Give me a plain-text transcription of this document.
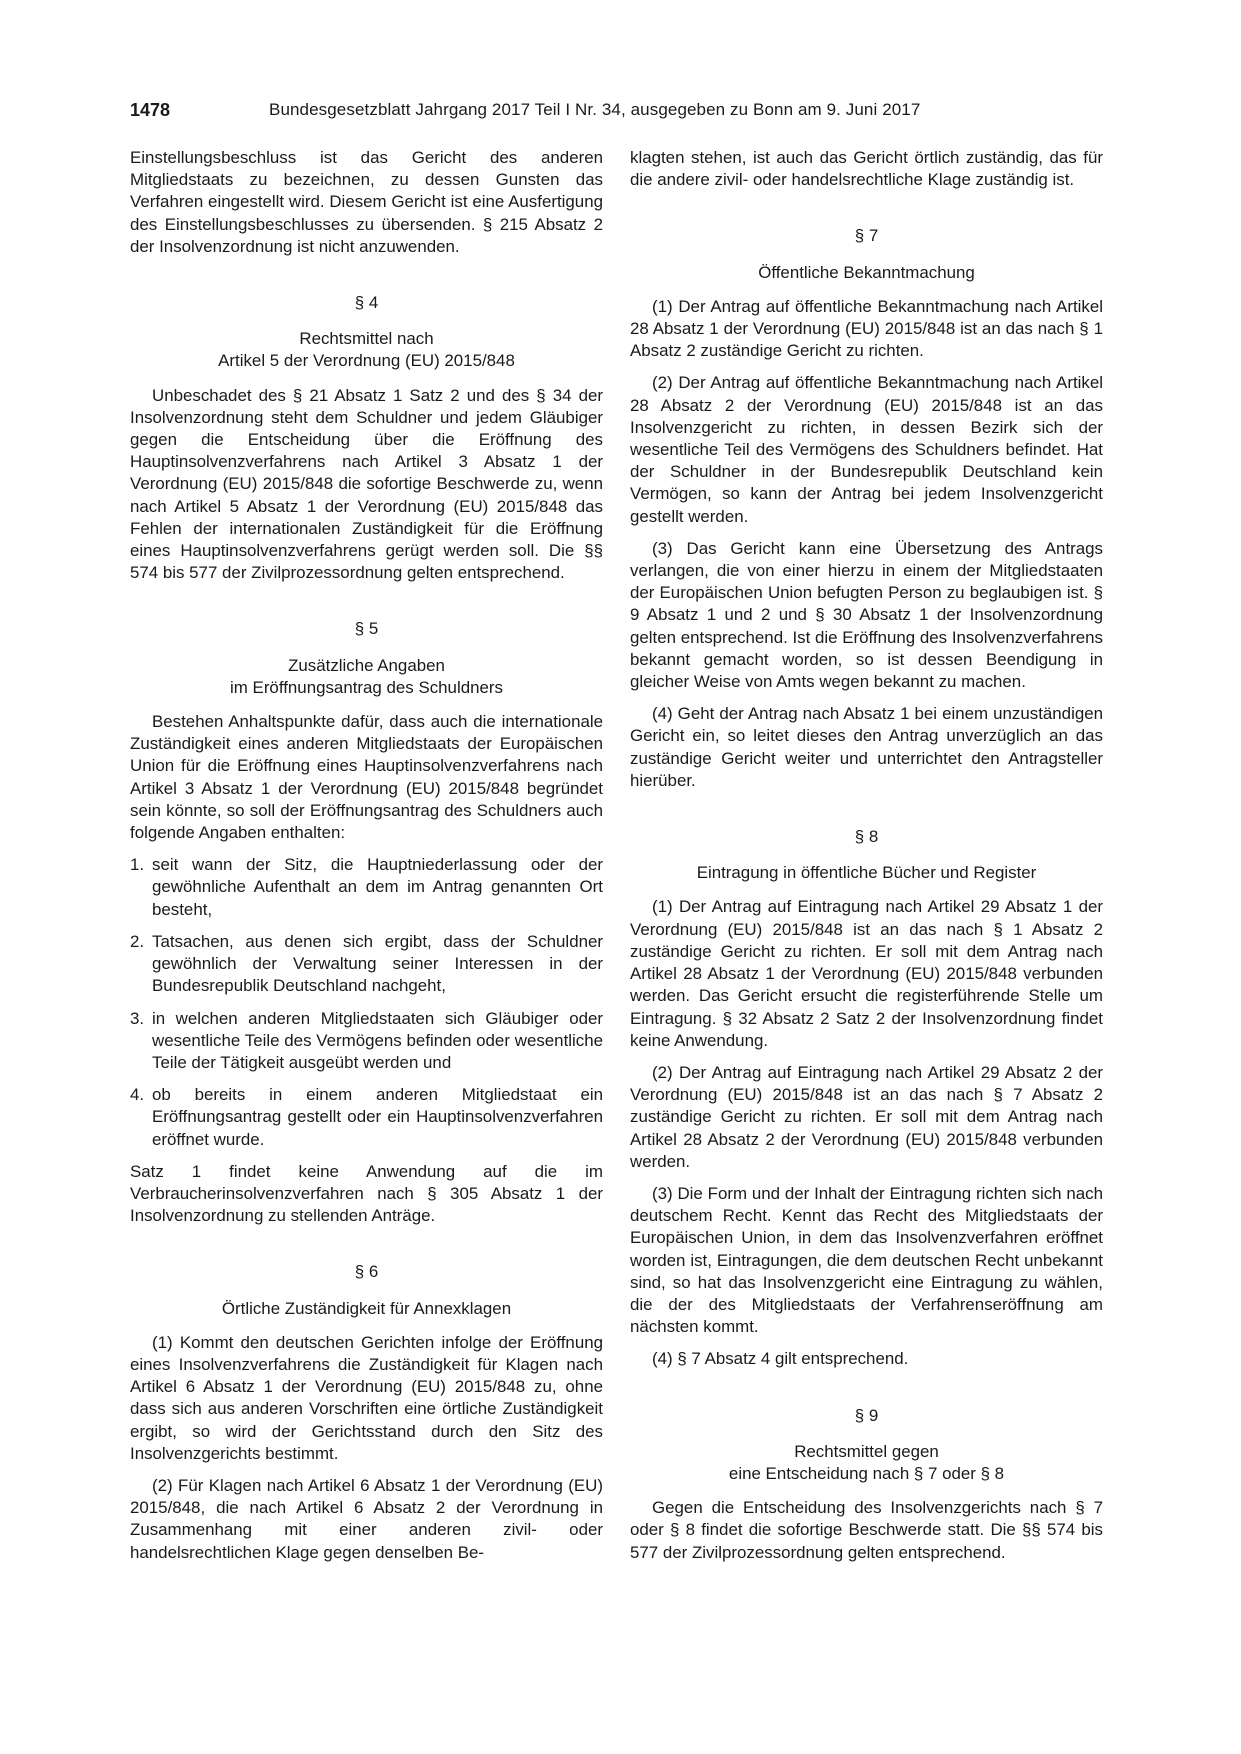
1478	Bundesgesetzblatt Jahrgang 2017 Teil I Nr. 34, ausgegeben zu Bonn am 9. Juni 2017

Einstellungsbeschluss ist das Gericht des anderen Mitgliedstaats zu bezeichnen, zu dessen Gunsten das Verfahren eingestellt wird. Diesem Gericht ist eine Ausfertigung des Einstellungsbeschlusses zu übersenden. § 215 Absatz 2 der Insolvenzordnung ist nicht anzuwenden.

§ 4
Rechtsmittel nach
Artikel 5 der Verordnung (EU) 2015/848

Unbeschadet des § 21 Absatz 1 Satz 2 und des § 34 der Insolvenzordnung steht dem Schuldner und jedem Gläubiger gegen die Entscheidung über die Eröffnung des Hauptinsolvenzverfahrens nach Artikel 3 Absatz 1 der Verordnung (EU) 2015/848 die sofortige Beschwerde zu, wenn nach Artikel 5 Absatz 1 der Verordnung (EU) 2015/848 das Fehlen der internationalen Zuständigkeit für die Eröffnung eines Hauptinsolvenzverfahrens gerügt werden soll. Die §§ 574 bis 577 der Zivilprozessordnung gelten entsprechend.

§ 5
Zusätzliche Angaben
im Eröffnungsantrag des Schuldners

Bestehen Anhaltspunkte dafür, dass auch die internationale Zuständigkeit eines anderen Mitgliedstaats der Europäischen Union für die Eröffnung eines Hauptinsolvenzverfahrens nach Artikel 3 Absatz 1 der Verordnung (EU) 2015/848 begründet sein könnte, so soll der Eröffnungsantrag des Schuldners auch folgende Angaben enthalten:

1. seit wann der Sitz, die Hauptniederlassung oder der gewöhnliche Aufenthalt an dem im Antrag genannten Ort besteht,
2. Tatsachen, aus denen sich ergibt, dass der Schuldner gewöhnlich der Verwaltung seiner Interessen in der Bundesrepublik Deutschland nachgeht,
3. in welchen anderen Mitgliedstaaten sich Gläubiger oder wesentliche Teile des Vermögens befinden oder wesentliche Teile der Tätigkeit ausgeübt werden und
4. ob bereits in einem anderen Mitgliedstaat ein Eröffnungsantrag gestellt oder ein Hauptinsolvenzverfahren eröffnet wurde.

Satz 1 findet keine Anwendung auf die im Verbraucherinsolvenzverfahren nach § 305 Absatz 1 der Insolvenzordnung zu stellenden Anträge.

§ 6
Örtliche Zuständigkeit für Annexklagen

(1) Kommt den deutschen Gerichten infolge der Eröffnung eines Insolvenzverfahrens die Zuständigkeit für Klagen nach Artikel 6 Absatz 1 der Verordnung (EU) 2015/848 zu, ohne dass sich aus anderen Vorschriften eine örtliche Zuständigkeit ergibt, so wird der Gerichtsstand durch den Sitz des Insolvenzgerichts bestimmt.

(2) Für Klagen nach Artikel 6 Absatz 1 der Verordnung (EU) 2015/848, die nach Artikel 6 Absatz 2 der Verordnung in Zusammenhang mit einer anderen zivil- oder handelsrechtlichen Klage gegen denselben Be-

klagten stehen, ist auch das Gericht örtlich zuständig, das für die andere zivil- oder handelsrechtliche Klage zuständig ist.

§ 7
Öffentliche Bekanntmachung

(1) Der Antrag auf öffentliche Bekanntmachung nach Artikel 28 Absatz 1 der Verordnung (EU) 2015/848 ist an das nach § 1 Absatz 2 zuständige Gericht zu richten.

(2) Der Antrag auf öffentliche Bekanntmachung nach Artikel 28 Absatz 2 der Verordnung (EU) 2015/848 ist an das Insolvenzgericht zu richten, in dessen Bezirk sich der wesentliche Teil des Vermögens des Schuldners befindet. Hat der Schuldner in der Bundesrepublik Deutschland kein Vermögen, so kann der Antrag bei jedem Insolvenzgericht gestellt werden.

(3) Das Gericht kann eine Übersetzung des Antrags verlangen, die von einer hierzu in einem der Mitgliedstaaten der Europäischen Union befugten Person zu beglaubigen ist. § 9 Absatz 1 und 2 und § 30 Absatz 1 der Insolvenzordnung gelten entsprechend. Ist die Eröffnung des Insolvenzverfahrens bekannt gemacht worden, so ist dessen Beendigung in gleicher Weise von Amts wegen bekannt zu machen.

(4) Geht der Antrag nach Absatz 1 bei einem unzuständigen Gericht ein, so leitet dieses den Antrag unverzüglich an das zuständige Gericht weiter und unterrichtet den Antragsteller hierüber.

§ 8
Eintragung in öffentliche Bücher und Register

(1) Der Antrag auf Eintragung nach Artikel 29 Absatz 1 der Verordnung (EU) 2015/848 ist an das nach § 1 Absatz 2 zuständige Gericht zu richten. Er soll mit dem Antrag nach Artikel 28 Absatz 1 der Verordnung (EU) 2015/848 verbunden werden. Das Gericht ersucht die registerführende Stelle um Eintragung. § 32 Absatz 2 Satz 2 der Insolvenzordnung findet keine Anwendung.

(2) Der Antrag auf Eintragung nach Artikel 29 Absatz 2 der Verordnung (EU) 2015/848 ist an das nach § 7 Absatz 2 zuständige Gericht zu richten. Er soll mit dem Antrag nach Artikel 28 Absatz 2 der Verordnung (EU) 2015/848 verbunden werden.

(3) Die Form und der Inhalt der Eintragung richten sich nach deutschem Recht. Kennt das Recht des Mitgliedstaats der Europäischen Union, in dem das Insolvenzverfahren eröffnet worden ist, Eintragungen, die dem deutschen Recht unbekannt sind, so hat das Insolvenzgericht eine Eintragung zu wählen, die der des Mitgliedstaats der Verfahrenseröffnung am nächsten kommt.

(4) § 7 Absatz 4 gilt entsprechend.

§ 9
Rechtsmittel gegen
eine Entscheidung nach § 7 oder § 8

Gegen die Entscheidung des Insolvenzgerichts nach § 7 oder § 8 findet die sofortige Beschwerde statt. Die §§ 574 bis 577 der Zivilprozessordnung gelten entsprechend.
